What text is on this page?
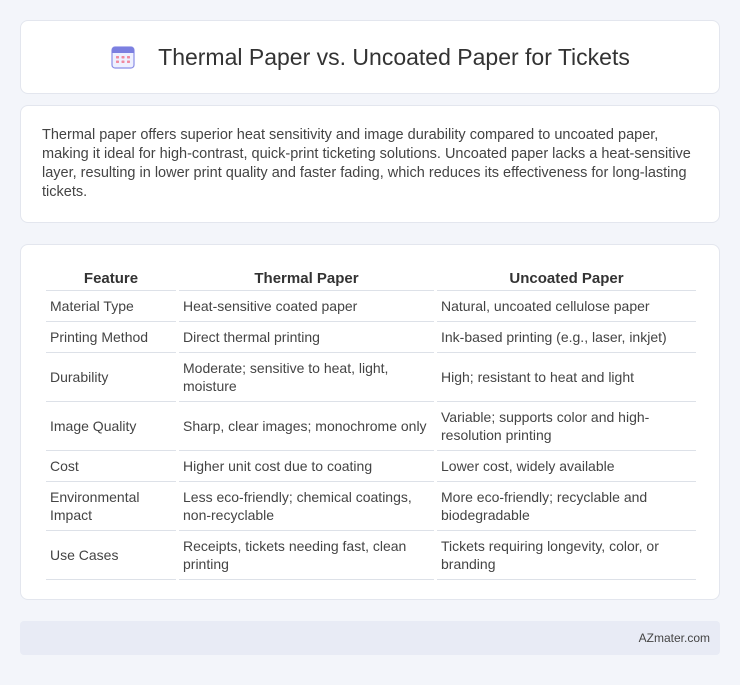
Thermal Paper vs. Uncoated Paper for Tickets

Thermal paper offers superior heat sensitivity and image durability compared to uncoated paper, making it ideal for high-contrast, quick-print ticketing solutions. Uncoated paper lacks a heat-sensitive layer, resulting in lower print quality and faster fading, which reduces its effectiveness for long-lasting tickets.

Feature	Thermal Paper	Uncoated Paper
Material Type	Heat-sensitive coated paper	Natural, uncoated cellulose paper
Printing Method	Direct thermal printing	Ink-based printing (e.g., laser, inkjet)
Durability	Moderate; sensitive to heat, light, moisture	High; resistant to heat and light
Image Quality	Sharp, clear images; monochrome only	Variable; supports color and high-resolution printing
Cost	Higher unit cost due to coating	Lower cost, widely available
Environmental Impact	Less eco-friendly; chemical coatings, non-recyclable	More eco-friendly; recyclable and biodegradable
Use Cases	Receipts, tickets needing fast, clean printing	Tickets requiring longevity, color, or branding
AZmater.com
